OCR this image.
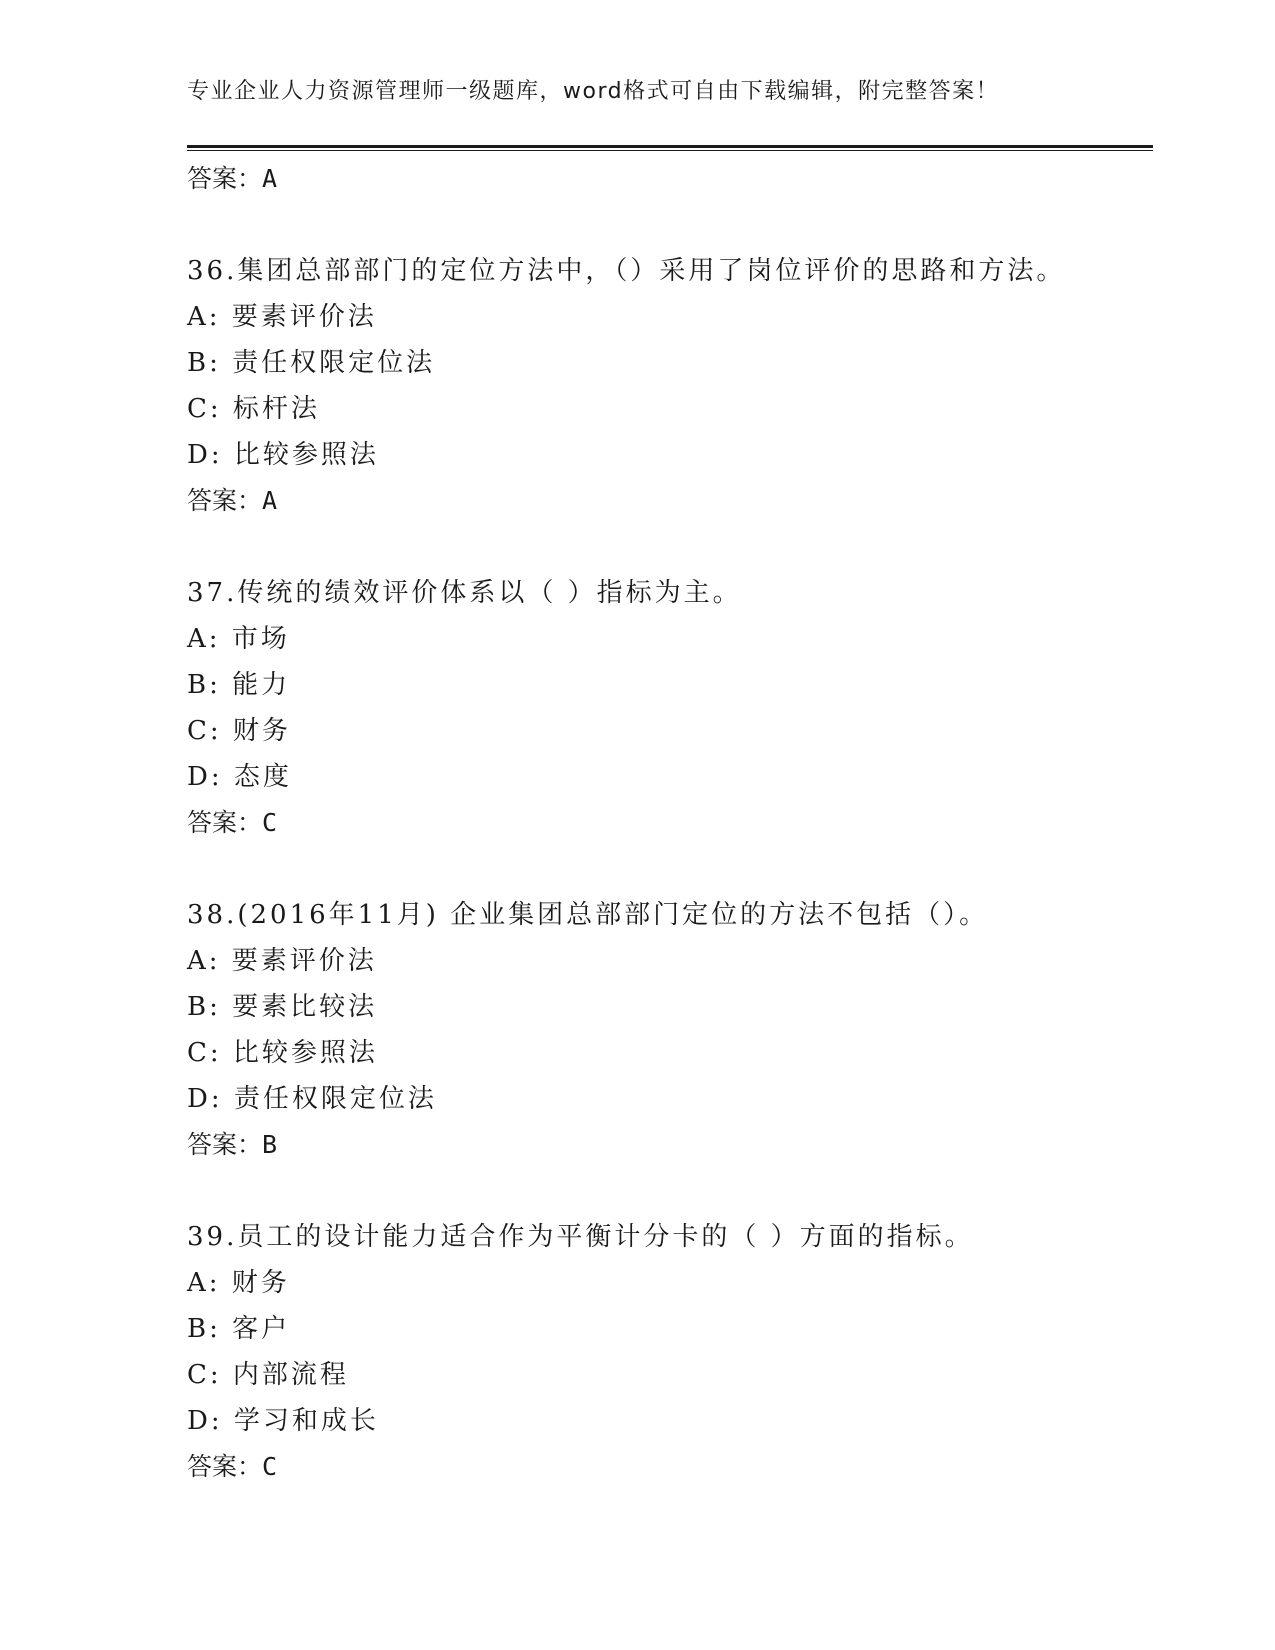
专业企业人力资源管理师一级题库，word格式可自由下载编辑，附完整答案！
答案：A
36.集团总部部门的定位方法中，（）采用了岗位评价的思路和方法。
A: 要素评价法
B: 责任权限定位法
C: 标杆法
D: 比较参照法
答案：A
37.传统的绩效评价体系以（ ）指标为主。
A: 市场
B: 能力
C: 财务
D: 态度
答案：C
38.(2016年11月) 企业集团总部部门定位的方法不包括（）。
A: 要素评价法
B: 要素比较法
C: 比较参照法
D: 责任权限定位法
答案：B
39.员工的设计能力适合作为平衡计分卡的（ ）方面的指标。
A: 财务
B: 客户
C: 内部流程
D: 学习和成长
答案：C
